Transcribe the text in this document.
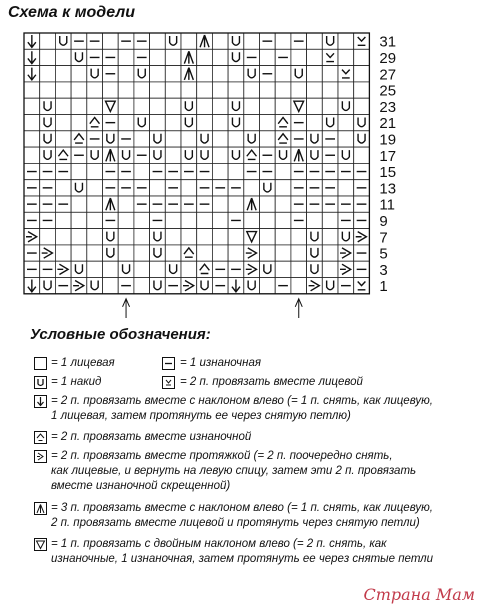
Схема к модели
31
29
27
25
23
21
19
17
15
13
11
9
7
5
3
1
Условные обозначения:
= 1 лицевая	= 1 изнаночная
= 1 накид	= 2 п. провязать вместе лицевой
= 2 п. провязать вместе с наклоном влево (= 1 п. снять, как лицевую,
1 лицевая, затем протянуть ее через снятую петлю)
= 2 п. провязать вместе изнаночной
= 2 п. провязать вместе протяжкой (= 2 п. поочередно снять,
как лицевые, и вернуть на левую спицу, затем эти 2 п. провязать
вместе изнаночной скрещенной)
= 3 п. провязать вместе с наклоном влево (= 1 п. снять, как лицевую,
2 п. провязать вместе лицевой и протянуть через снятую петли)
= 1 п. провязать с двойным наклоном влево (= 2 п. снять, как
изнаночные, 1 изнаночная, затем протянуть ее через снятые петли
Страна Мам
